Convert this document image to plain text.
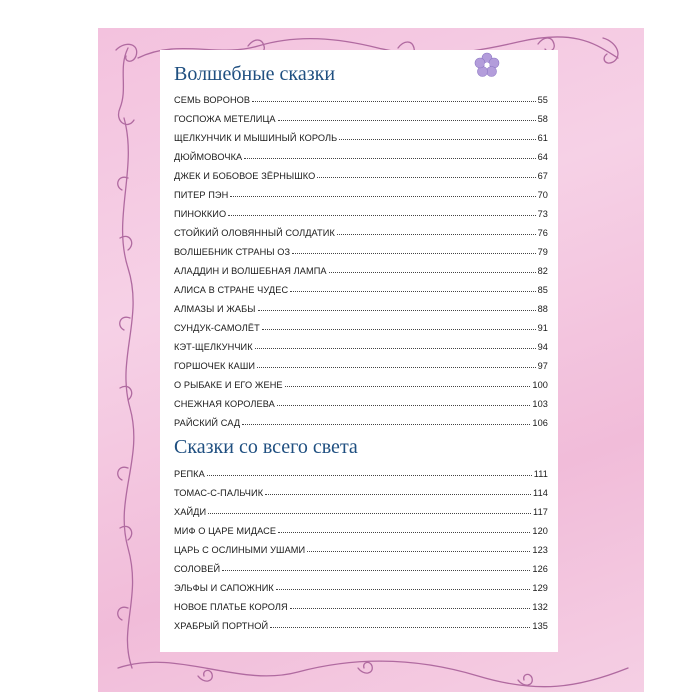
Волшебные сказки
СЕМЬ ВОРОНОВ	55
ГОСПОЖА МЕТЕЛИЦА	58
ЩЕЛКУНЧИК И МЫШИНЫЙ КОРОЛЬ	61
ДЮЙМОВОЧКА	64
ДЖЕК И БОБОВОЕ ЗЁРНЫШКО	67
ПИТЕР ПЭН	70
ПИНОККИО	73
СТОЙКИЙ ОЛОВЯННЫЙ СОЛДАТИК	76
ВОЛШЕБНИК СТРАНЫ ОЗ	79
АЛАДДИН И ВОЛШЕБНАЯ ЛАМПА	82
АЛИСА В СТРАНЕ ЧУДЕС	85
АЛМАЗЫ И ЖАБЫ	88
СУНДУК-САМОЛЁТ	91
КЭТ-ЩЕЛКУНЧИК	94
ГОРШОЧЕК КАШИ	97
О РЫБАКЕ И ЕГО ЖЕНЕ	100
СНЕЖНАЯ КОРОЛЕВА	103
РАЙСКИЙ САД	106
Сказки со всего света
РЕПКА	111
ТОМАС-С-ПАЛЬЧИК	114
ХАЙДИ	117
МИФ О ЦАРЕ МИДАСЕ	120
ЦАРЬ С ОСЛИНЫМИ УШАМИ	123
СОЛОВЕЙ	126
ЭЛЬФЫ И САПОЖНИК	129
НОВОЕ ПЛАТЬЕ КОРОЛЯ	132
ХРАБРЫЙ ПОРТНОЙ	135
